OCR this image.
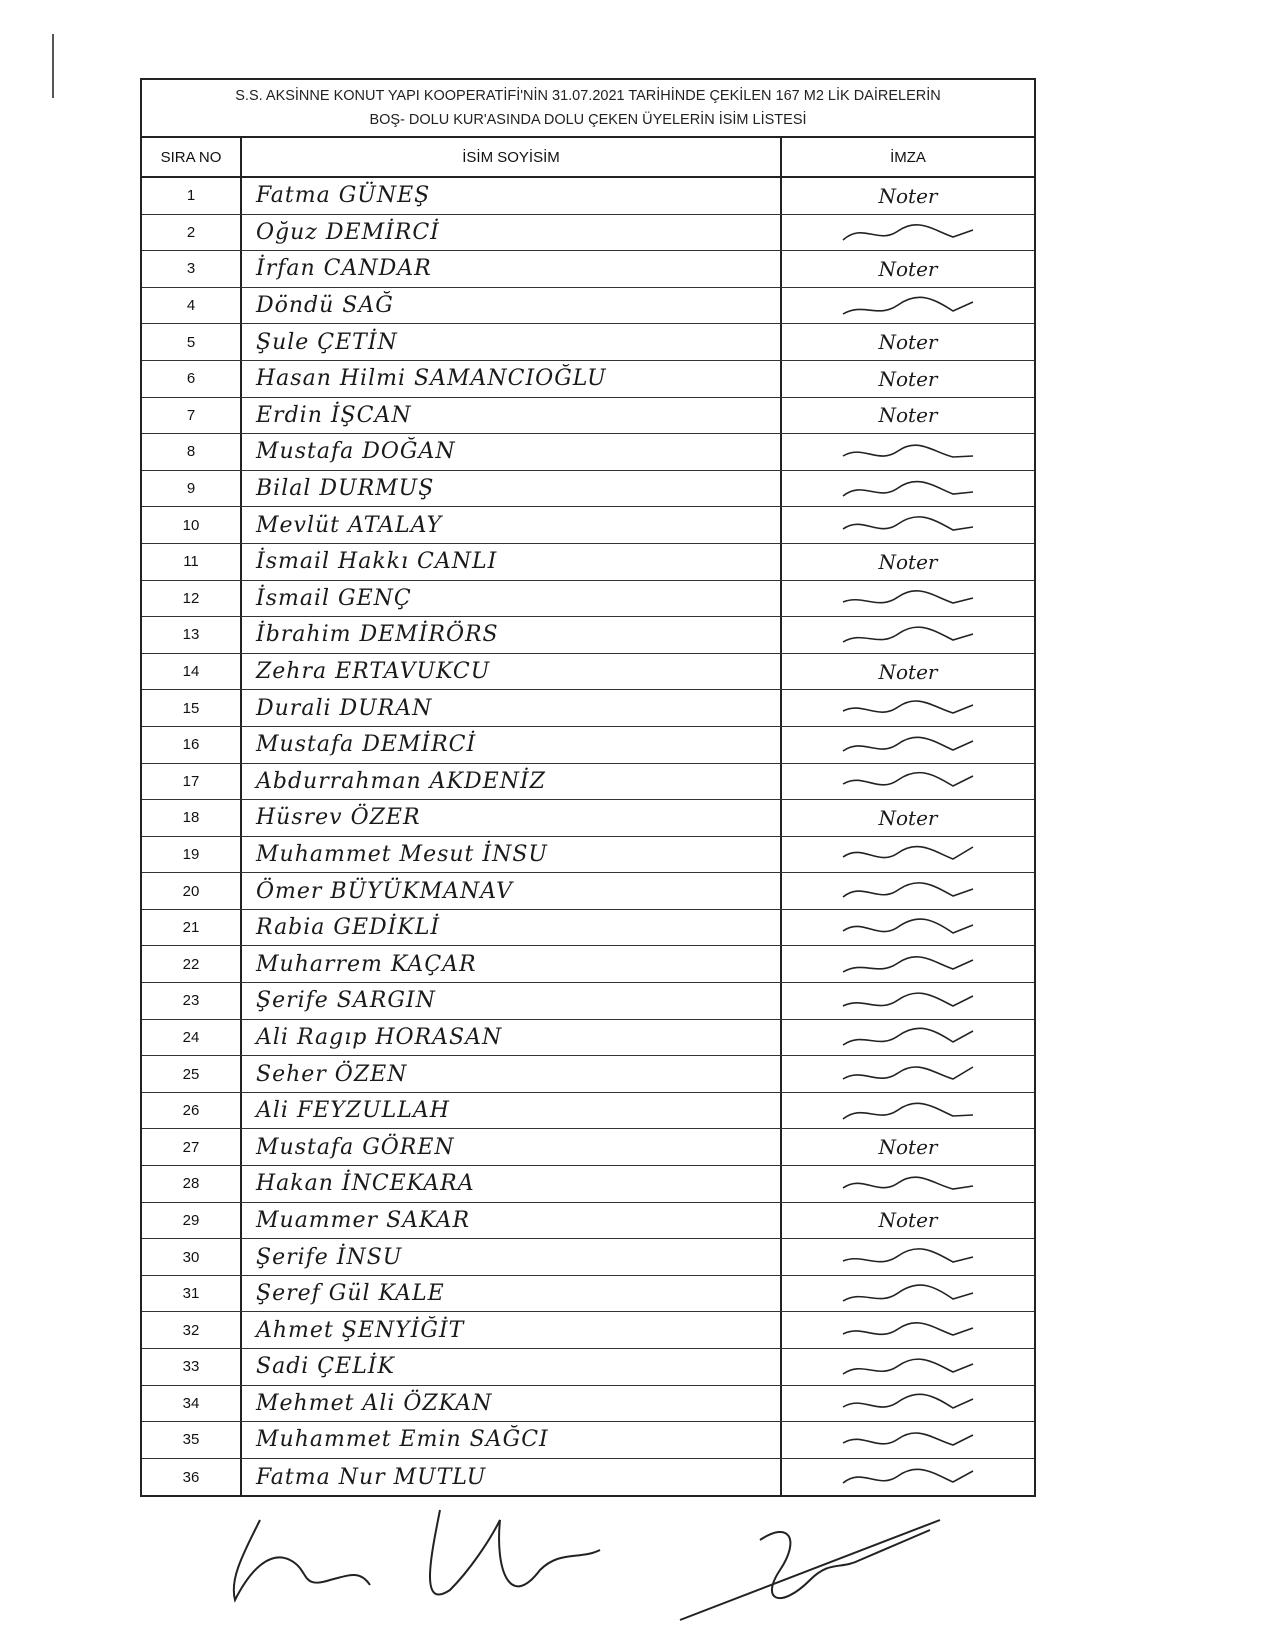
S.S. AKSİNNE KONUT YAPI KOOPERATİFİ'NİN 31.07.2021 TARİHİNDE ÇEKİLEN 167 M2 LİK DAİRELERİN
BOŞ- DOLU KUR'ASINDA DOLU ÇEKEN ÜYELERİN İSİM LİSTESİ
SIRA NO	İSİM SOYİSİM	İMZA
1	Fatma GÜNEŞ	Noter
2	Oğuz DEMİRCİ
3	İrfan CANDAR	Noter
4	Döndü SAĞ
5	Şule ÇETİN	Noter
6	Hasan Hilmi SAMANCIOĞLU	Noter
7	Erdin İŞCAN	Noter
8	Mustafa DOĞAN
9	Bilal DURMUŞ
10	Mevlüt ATALAY
11	İsmail Hakkı CANLI	Noter
12	İsmail GENÇ
13	İbrahim DEMİRÖRS
14	Zehra ERTAVUKCU	Noter
15	Durali DURAN
16	Mustafa DEMİRCİ
17	Abdurrahman AKDENİZ
18	Hüsrev ÖZER	Noter
19	Muhammet Mesut İNSU
20	Ömer BÜYÜKMANAV
21	Rabia GEDİKLİ
22	Muharrem KAÇAR
23	Şerife SARGIN
24	Ali Ragıp HORASAN
25	Seher ÖZEN
26	Ali FEYZULLAH
27	Mustafa GÖREN	Noter
28	Hakan İNCEKARA
29	Muammer SAKAR	Noter
30	Şerife İNSU
31	Şeref Gül KALE
32	Ahmet ŞENYİĞİT
33	Sadi ÇELİK
34	Mehmet Ali ÖZKAN
35	Muhammet Emin SAĞCI
36	Fatma Nur MUTLU
